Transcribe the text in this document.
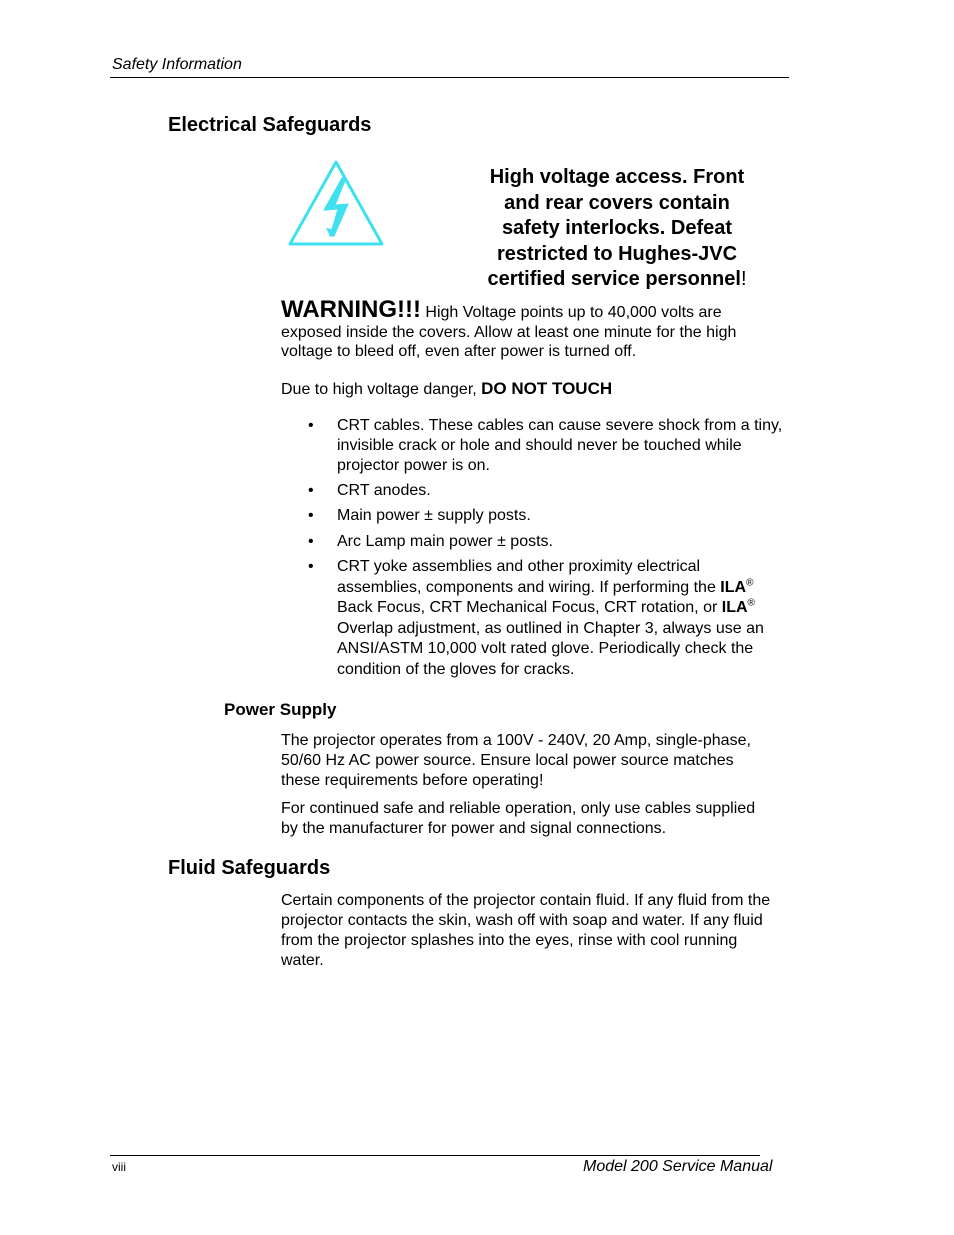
Safety Information
Electrical Safeguards
High voltage access. Front
and rear covers contain
safety interlocks. Defeat
restricted to Hughes-JVC
certified service personnel!
WARNING!!! High Voltage points up to 40,000 volts are exposed inside the covers. Allow at least one minute for the high voltage to bleed off, even after power is turned off.
Due to high voltage danger, DO NOT TOUCH
• CRT cables. These cables can cause severe shock from a tiny, invisible crack or hole and should never be touched while projector power is on.
• CRT anodes.
• Main power ± supply posts.
• Arc Lamp main power ± posts.
• CRT yoke assemblies and other proximity electrical assemblies, components and wiring. If performing the ILA® Back Focus, CRT Mechanical Focus, CRT rotation, or ILA® Overlap adjustment, as outlined in Chapter 3, always use an ANSI/ASTM 10,000 volt rated glove. Periodically check the condition of the gloves for cracks.
Power Supply
The projector operates from a 100V - 240V, 20 Amp, single-phase, 50/60 Hz AC power source. Ensure local power source matches these requirements before operating!
For continued safe and reliable operation, only use cables supplied by the manufacturer for power and signal connections.
Fluid Safeguards
Certain components of the projector contain fluid. If any fluid from the projector contacts the skin, wash off with soap and water. If any fluid from the projector splashes into the eyes, rinse with cool running water.
viii	Model 200 Service Manual
